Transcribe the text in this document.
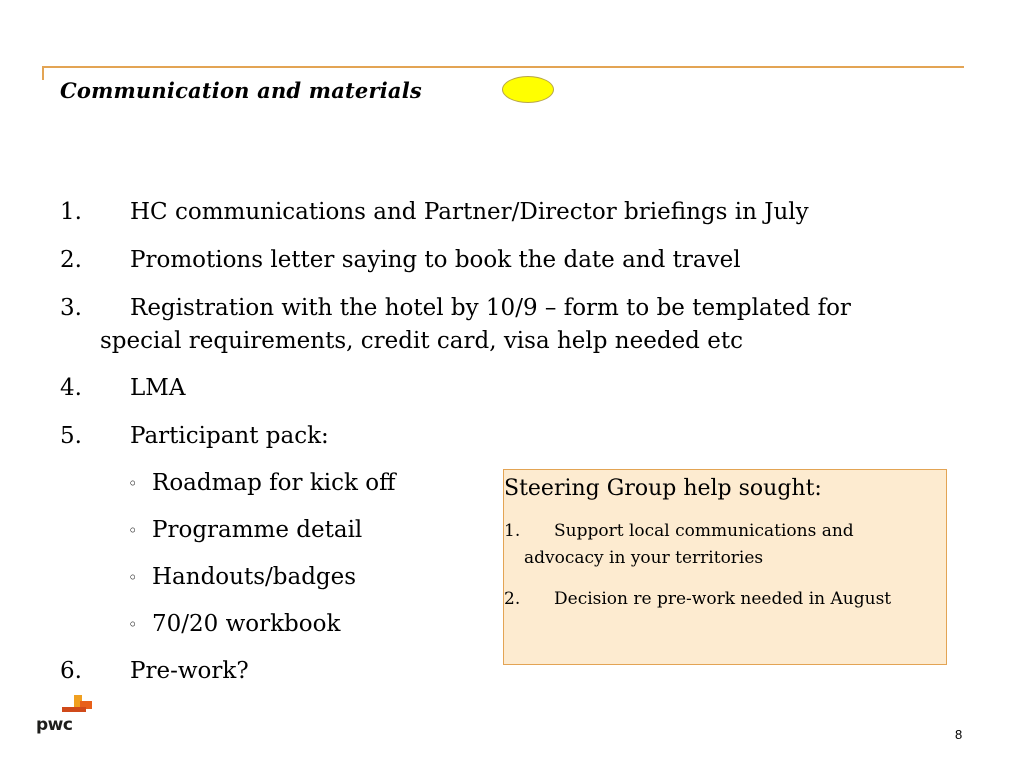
Communication and materials
1. HC communications and Partner/Director briefings in July
2. Promotions letter saying to book the date and travel
3. Registration with the hotel by 10/9 – form to be templated for
special requirements, credit card, visa help needed etc
4. LMA
5. Participant pack:
◦ Roadmap for kick off
◦ Programme detail
◦ Handouts/badges
◦ 70/20 workbook
6. Pre-work?
Steering Group help sought:
1. Support local communications and
advocacy in your territories
2. Decision re pre-work needed in August
pwc	8
